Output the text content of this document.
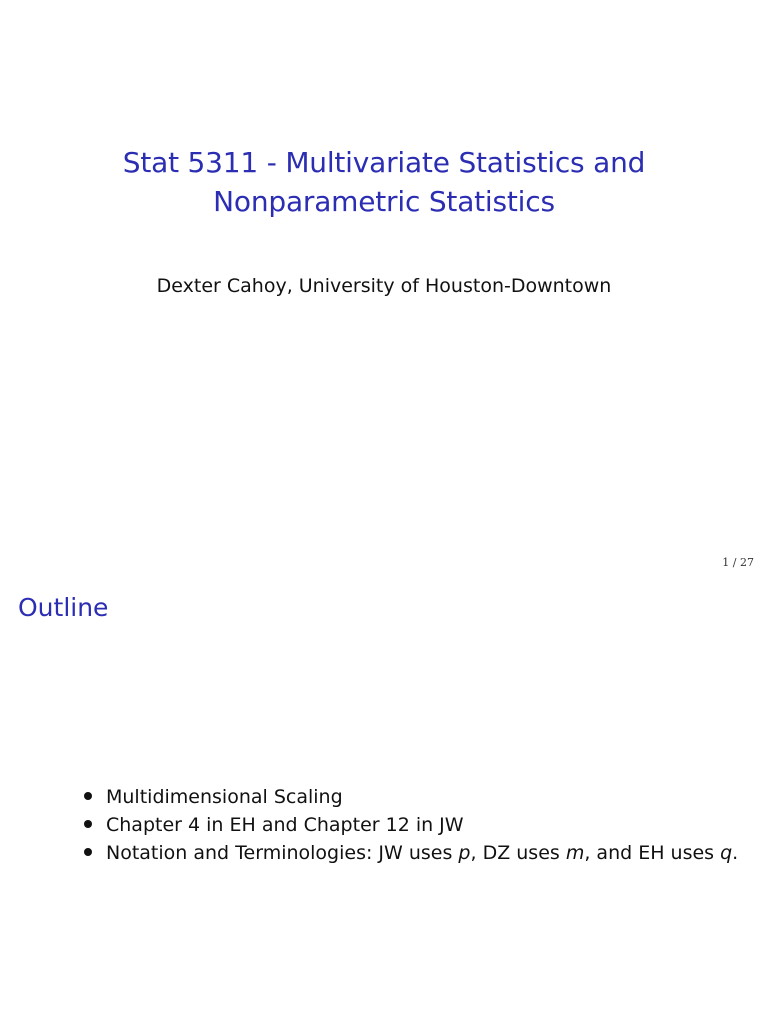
Stat 5311 - Multivariate Statistics and
Nonparametric Statistics
Dexter Cahoy, University of Houston-Downtown
1 / 27
Outline
Multidimensional Scaling
Chapter 4 in EH and Chapter 12 in JW
Notation and Terminologies: JW uses p, DZ uses m, and EH uses q.
